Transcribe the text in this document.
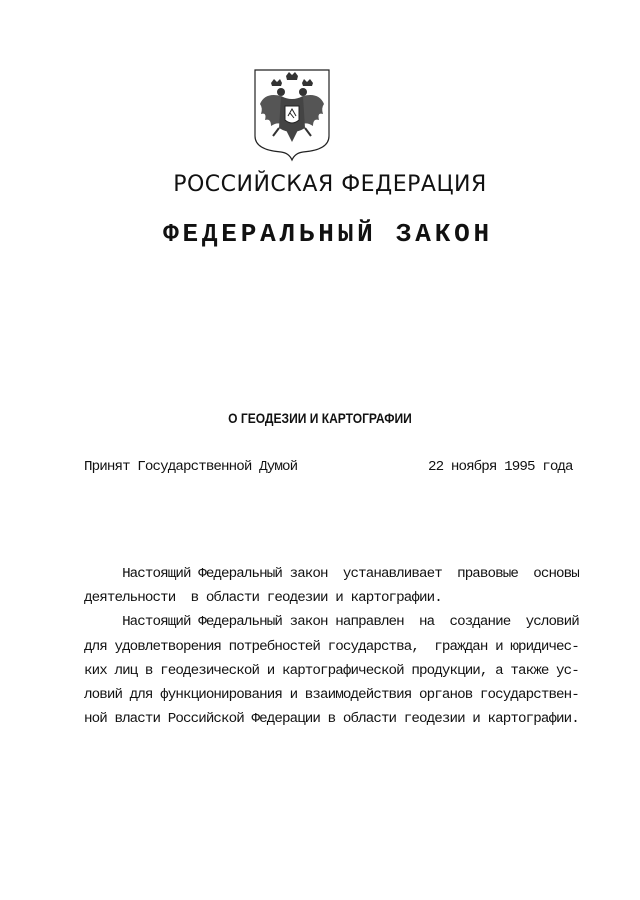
РОССИЙСКАЯ ФЕДЕРАЦИЯ
ФЕДЕРАЛЬНЫЙ ЗАКОН
О ГЕОДЕЗИИ И КАРТОГРАФИИ
Принят Государственной Думой	22 ноября 1995 года
Настоящий Федеральный закон  устанавливает  правовые  основы
деятельности  в области геодезии и картографии.
Настоящий Федеральный закон направлен  на  создание  условий
для удовлетворения потребностей государства,  граждан и юридичес-
ких лиц в геодезической и картографической продукции, а также ус-
ловий для функционирования и взаимодействия органов государствен-
ной власти Российской Федерации в области геодезии и картографии.
